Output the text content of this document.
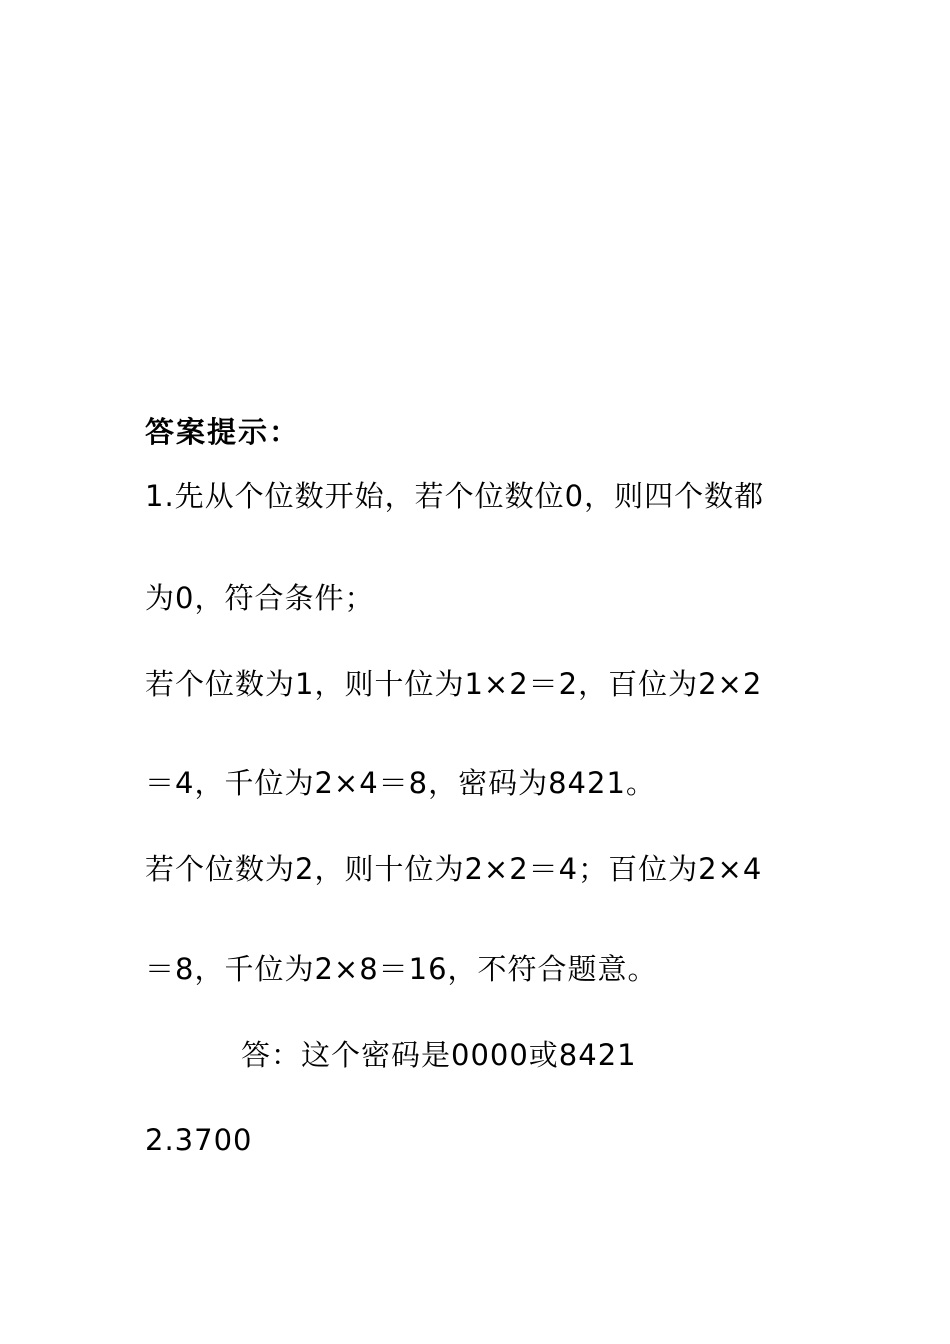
答案提示：
1.先从个位数开始，若个位数位0，则四个数都
为0，符合条件；
若个位数为1，则十位为1×2＝2，百位为2×2
＝4，千位为2×4＝8，密码为8421。
若个位数为2，则十位为2×2＝4；百位为2×4
＝8，千位为2×8＝16，不符合题意。
答：这个密码是0000或8421
2.3700
